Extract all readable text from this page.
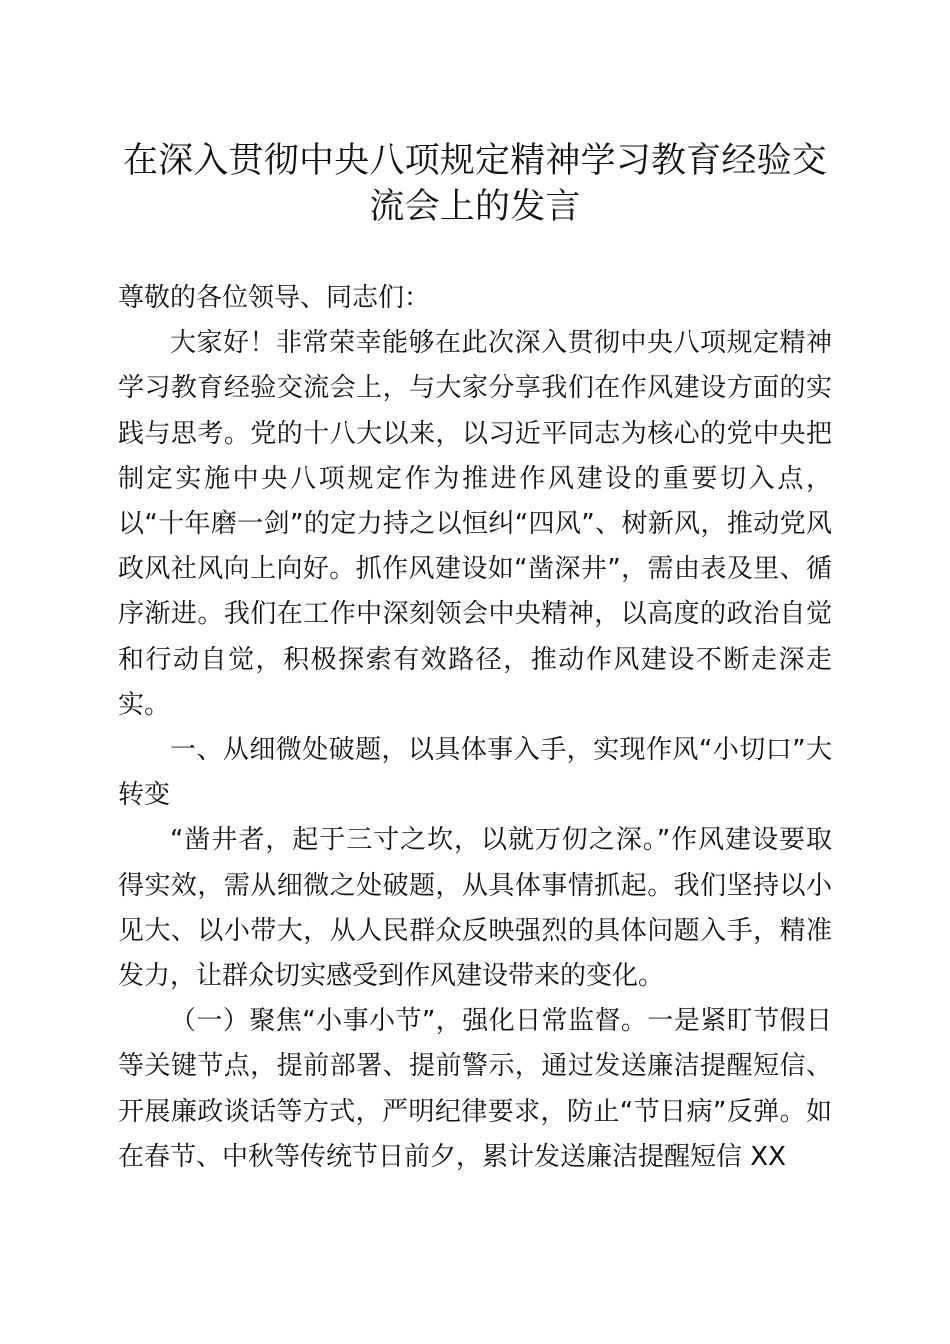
在深入贯彻中央八项规定精神学习教育经验交流会上的发言

尊敬的各位领导、同志们：

大家好！非常荣幸能够在此次深入贯彻中央八项规定精神学习教育经验交流会上，与大家分享我们在作风建设方面的实践与思考。党的十八大以来，以习近平同志为核心的党中央把制定实施中央八项规定作为推进作风建设的重要切入点，以“十年磨一剑”的定力持之以恒纠“四风”、树新风，推动党风政风社风向上向好。抓作风建设如“凿深井”，需由表及里、循序渐进。我们在工作中深刻领会中央精神，以高度的政治自觉和行动自觉，积极探索有效路径，推动作风建设不断走深走实。

一、从细微处破题，以具体事入手，实现作风“小切口”大转变

“凿井者，起于三寸之坎，以就万仞之深。”作风建设要取得实效，需从细微之处破题，从具体事情抓起。我们坚持以小见大、以小带大，从人民群众反映强烈的具体问题入手，精准发力，让群众切实感受到作风建设带来的变化。

（一）聚焦“小事小节”，强化日常监督。一是紧盯节假日等关键节点，提前部署、提前警示，通过发送廉洁提醒短信、开展廉政谈话等方式，严明纪律要求，防止“节日病”反弹。如在春节、中秋等传统节日前夕，累计发送廉洁提醒短信 XX
